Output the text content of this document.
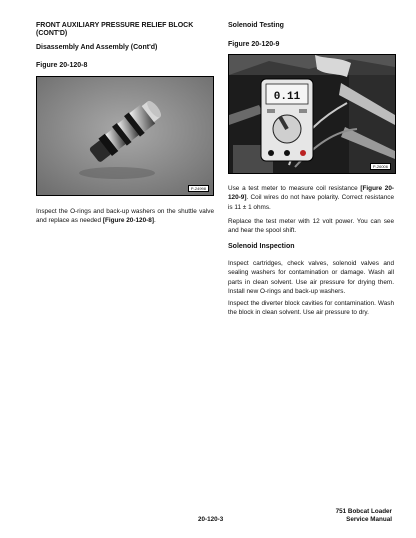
FRONT AUXILIARY PRESSURE RELIEF BLOCK
(CONT'D)
Disassembly And Assembly (Cont'd)
Figure 20-120-8
P-24998
Inspect the O-rings and back-up washers on the shuttle valve and replace as needed [Figure 20-120-8].
Solenoid Testing
Figure 20-120-9
0.11
P-26006
Use a test meter to measure coil resistance [Figure 20-120-9]. Coil wires do not have polarity. Correct resistance is 11 ± 1 ohms.
Replace the test meter with 12 volt power. You can see and hear the spool shift.
Solenoid Inspection
Inspect cartridges, check valves, solenoid valves and sealing washers for contamination or damage. Wash all parts in clean solvent. Use air pressure for drying them. Install new O-rings and back-up washers.
Inspect the diverter block cavities for contamination. Wash the block in clean solvent. Use air pressure to dry.
20-120-3
751 Bobcat Loader
Service Manual
